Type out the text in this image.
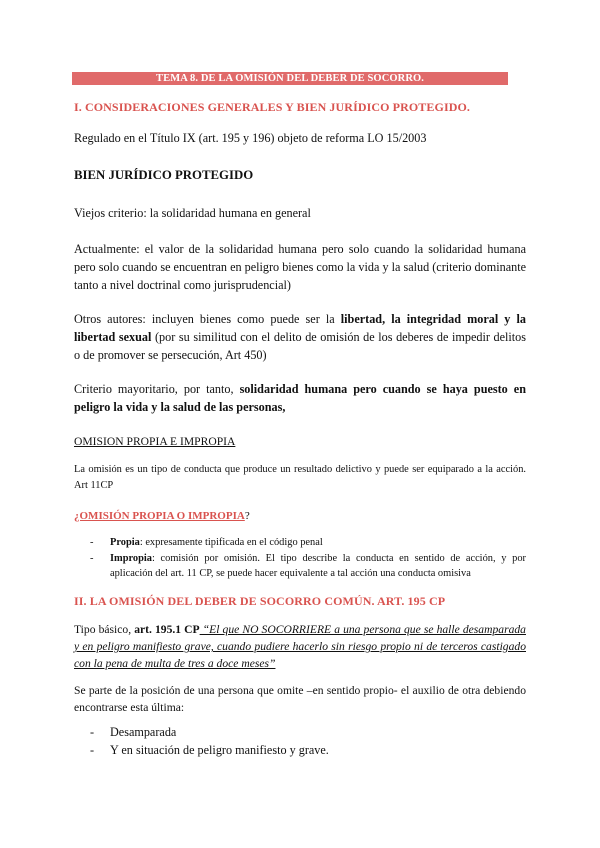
TEMA 8. DE LA OMISIÓN DEL DEBER DE SOCORRO.
I. CONSIDERACIONES GENERALES Y BIEN JURÍDICO PROTEGIDO.
Regulado en el Título IX (art. 195 y 196) objeto de reforma LO 15/2003
BIEN JURÍDICO PROTEGIDO
Viejos criterio: la solidaridad humana en general
Actualmente: el valor de la solidaridad humana pero solo cuando la solidaridad humana pero solo cuando se encuentran en peligro bienes como la vida y la salud (criterio dominante tanto a nivel doctrinal como jurisprudencial)
Otros autores: incluyen bienes como puede ser la libertad, la integridad moral y la libertad sexual (por su similitud con el delito de omisión de los deberes de impedir delitos o de promover se persecución, Art 450)
Criterio mayoritario, por tanto, solidaridad humana pero cuando se haya puesto en peligro la vida y la salud de las personas,
OMISION PROPIA E IMPROPIA
La omisión es un tipo de conducta que produce un resultado delictivo y puede ser equiparado a la acción. Art 11CP
¿OMISIÓN PROPIA O IMPROPIA?
- Propia: expresamente tipificada en el código penal
- Impropia: comisión por omisión. El tipo describe la conducta en sentido de acción, y por aplicación del art. 11 CP, se puede hacer equivalente a tal acción una conducta omisiva
II. LA OMISIÓN DEL DEBER DE SOCORRO COMÚN. ART. 195 CP
Tipo básico, art. 195.1 CP “El que NO SOCORRIERE a una persona que se halle desamparada y en peligro manifiesto grave, cuando pudiere hacerlo sin riesgo propio ni de terceros castigado con la pena de multa de tres a doce meses”
Se parte de la posición de una persona que omite –en sentido propio- el auxilio de otra debiendo encontrarse esta última:
- Desamparada
- Y en situación de peligro manifiesto y grave.
